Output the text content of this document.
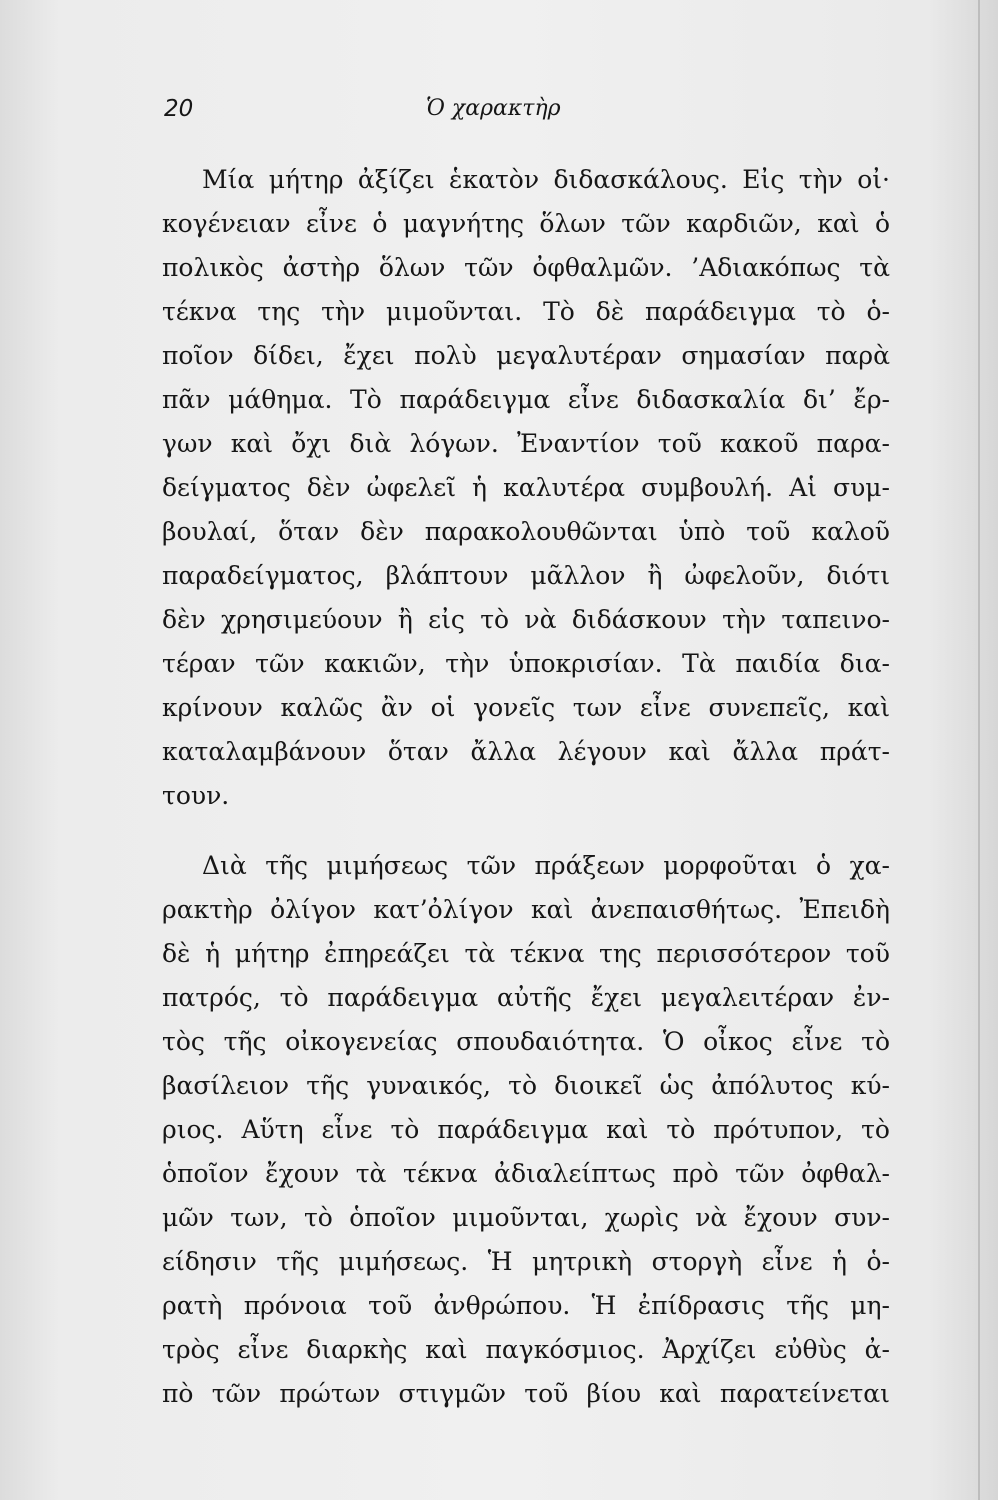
20	Ὁ χαρακτὴρ
Μία μήτηρ ἀξίζει ἑκατὸν διδασκάλους. Εἰς τὴν οἰ·
κογένειαν εἶνε ὁ μαγνήτης ὅλων τῶν καρδιῶν, καὶ ὁ
πολικὸς ἀστὴρ ὅλων τῶν ὀφθαλμῶν. ’Αδιακόπως τὰ
τέκνα της τὴν μιμοῦνται. Τὸ δὲ παράδειγμα τὸ ὁ-
ποῖον δίδει, ἔχει πολὺ μεγαλυτέραν σημασίαν παρὰ
πᾶν μάθημα. Τὸ παράδειγμα εἶνε διδασκαλία δι’ ἔρ-
γων καὶ ὄχι διὰ λόγων. Ἐναντίον τοῦ κακοῦ παρα-
δείγματος δὲν ὠφελεῖ ἡ καλυτέρα συμβουλή. Αἱ συμ-
βουλαί, ὅταν δὲν παρακολουθῶνται ὑπὸ τοῦ καλοῦ
παραδείγματος, βλάπτουν μᾶλλον ἢ ὠφελοῦν, διότι
δὲν χρησιμεύουν ἢ εἰς τὸ νὰ διδάσκουν τὴν ταπεινο-
τέραν τῶν κακιῶν, τὴν ὑποκρισίαν. Τὰ παιδία δια-
κρίνουν καλῶς ἂν οἱ γονεῖς των εἶνε συνεπεῖς, καὶ
καταλαμβάνουν ὅταν ἄλλα λέγουν καὶ ἄλλα πράτ-
τουν.
Διὰ τῆς μιμήσεως τῶν πράξεων μορφοῦται ὁ χα-
ρακτὴρ ὀλίγον κατ’ὀλίγον καὶ ἀνεπαισθήτως. Ἐπειδὴ
δὲ ἡ μήτηρ ἐπηρεάζει τὰ τέκνα της περισσότερον τοῦ
πατρός, τὸ παράδειγμα αὐτῆς ἔχει μεγαλειτέραν ἐν-
τὸς τῆς οἰκογενείας σπουδαιότητα. Ὁ οἶκος εἶνε τὸ
βασίλειον τῆς γυναικός, τὸ διοικεῖ ὡς ἀπόλυτος κύ-
ριος. Αὕτη εἶνε τὸ παράδειγμα καὶ τὸ πρότυπον, τὸ
ὁποῖον ἔχουν τὰ τέκνα ἀδιαλείπτως πρὸ τῶν ὀφθαλ-
μῶν των, τὸ ὁποῖον μιμοῦνται, χωρὶς νὰ ἔχουν συν-
είδησιν τῆς μιμήσεως. Ἡ μητρικὴ στοργὴ εἶνε ἡ ὁ-
ρατὴ πρόνοια τοῦ ἀνθρώπου. Ἡ ἐπίδρασις τῆς μη-
τρὸς εἶνε διαρκὴς καὶ παγκόσμιος. Ἀρχίζει εὐθὺς ἀ-
πὸ τῶν πρώτων στιγμῶν τοῦ βίου καὶ παρατείνεται
